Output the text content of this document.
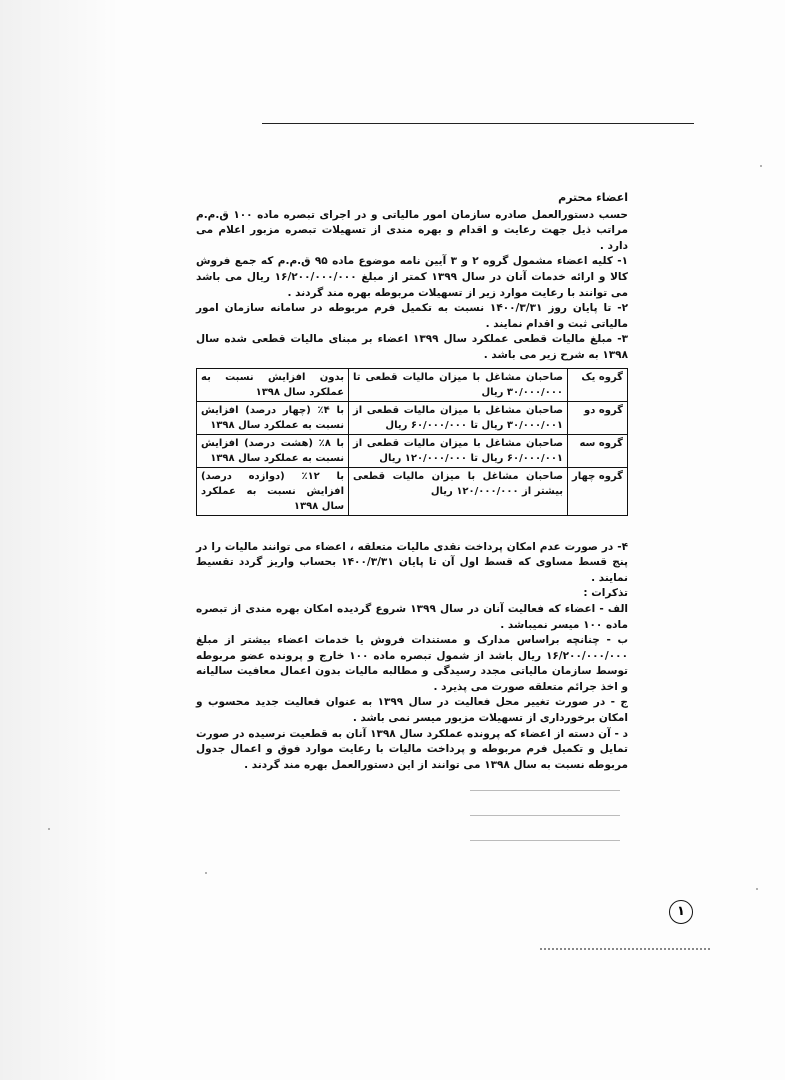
اعضاء محترم

حسب دستورالعمل صادره سازمان امور مالیاتی و در اجرای تبصره ماده ۱۰۰ ق.م.م مراتب ذیل جهت رعایت و اقدام و بهره مندی از تسهیلات تبصره مزبور اعلام می دارد .

۱- کلیه اعضاء مشمول گروه ۲ و ۳ آیین نامه موضوع ماده ۹۵ ق.م.م که جمع فروش کالا و ارائه خدمات آنان در سال ۱۳۹۹ کمتر از مبلغ ۱۶/۲۰۰/۰۰۰/۰۰۰ ریال می باشد می توانند با رعایت موارد زیر از تسهیلات مربوطه بهره مند گردند .

۲- تا پایان روز ۱۴۰۰/۳/۳۱ نسبت به تکمیل فرم مربوطه در سامانه سازمان امور مالیاتی ثبت و اقدام نمایند .

۳- مبلغ مالیات قطعی عملکرد سال ۱۳۹۹ اعضاء بر مبنای مالیات قطعی شده سال ۱۳۹۸ به شرح زیر می باشد .

گروه یک	صاحبان مشاغل با میزان مالیات قطعی تا ۳۰/۰۰۰/۰۰۰ ریال	بدون افزایش نسبت به عملکرد سال ۱۳۹۸
گروه دو	صاحبان مشاغل با میزان مالیات قطعی از ۳۰/۰۰۰/۰۰۱ ریال تا ۶۰/۰۰۰/۰۰۰ ریال	با ۴٪ (چهار درصد) افزایش نسبت به عملکرد سال ۱۳۹۸
گروه سه	صاحبان مشاغل با میزان مالیات قطعی از ۶۰/۰۰۰/۰۰۱ ریال تا ۱۲۰/۰۰۰/۰۰۰ ریال	با ۸٪ (هشت درصد) افزایش نسبت به عملکرد سال ۱۳۹۸
گروه چهار	صاحبان مشاغل با میزان مالیات قطعی بیشتر از ۱۲۰/۰۰۰/۰۰۰ ریال	با ۱۲٪ (دوازده درصد) افزایش نسبت به عملکرد سال ۱۳۹۸

۴- در صورت عدم امکان پرداخت نقدی مالیات متعلقه ، اعضاء می توانند مالیات را در پنج قسط مساوی که قسط اول آن تا پایان ۱۴۰۰/۳/۳۱ بحساب واریز گردد تقسیط نمایند .

تذکرات :

الف - اعضاء که فعالیت آنان در سال ۱۳۹۹ شروع گردیده امکان بهره مندی از تبصره ماده ۱۰۰ میسر نمیباشد .

ب - چنانچه براساس مدارک و مستندات فروش یا خدمات اعضاء بیشتر از مبلغ ۱۶/۲۰۰/۰۰۰/۰۰۰ ریال باشد از شمول تبصره ماده ۱۰۰ خارج و پرونده عضو مربوطه توسط سازمان مالیاتی مجدد رسیدگی و مطالبه مالیات بدون اعمال معافیت سالیانه و اخذ جرائم متعلقه صورت می پذیرد .

ج - در صورت تغییر محل فعالیت در سال ۱۳۹۹ به عنوان فعالیت جدید محسوب و امکان برخورداری از تسهیلات مزبور میسر نمی باشد .

د - آن دسته از اعضاء که پرونده عملکرد سال ۱۳۹۸ آنان به قطعیت نرسیده در صورت تمایل و تکمیل فرم مربوطه و پرداخت مالیات با رعایت موارد فوق و اعمال جدول مربوطه نسبت به سال ۱۳۹۸ می توانند از این دستورالعمل بهره مند گردند .

۱
